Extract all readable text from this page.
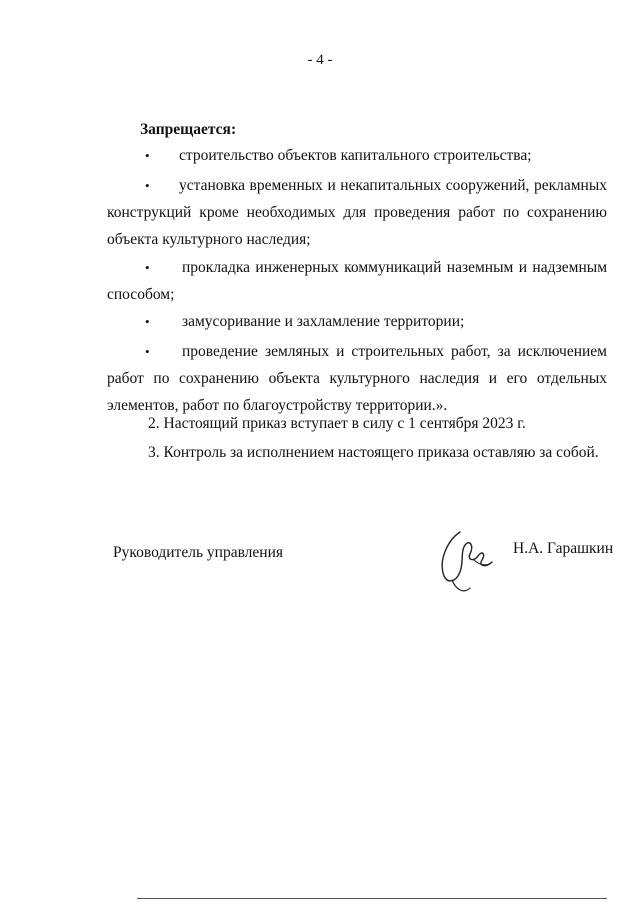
- 4 -
Запрещается:
• строительство объектов капитального строительства;
• установка временных и некапитальных сооружений, рекламных
конструкций кроме необходимых для проведения работ по сохранению
объекта культурного наследия;
• прокладка инженерных коммуникаций наземным и надземным
способом;
• замусоривание и захламление территории;
• проведение земляных и строительных работ, за исключением
работ по сохранению объекта культурного наследия и его отдельных
элементов, работ по благоустройству территории.».
2. Настоящий приказ вступает в силу с 1 сентября 2023 г.
3. Контроль за исполнением настоящего приказа оставляю за собой.
Руководитель управления	Н.А. Гарашкин
